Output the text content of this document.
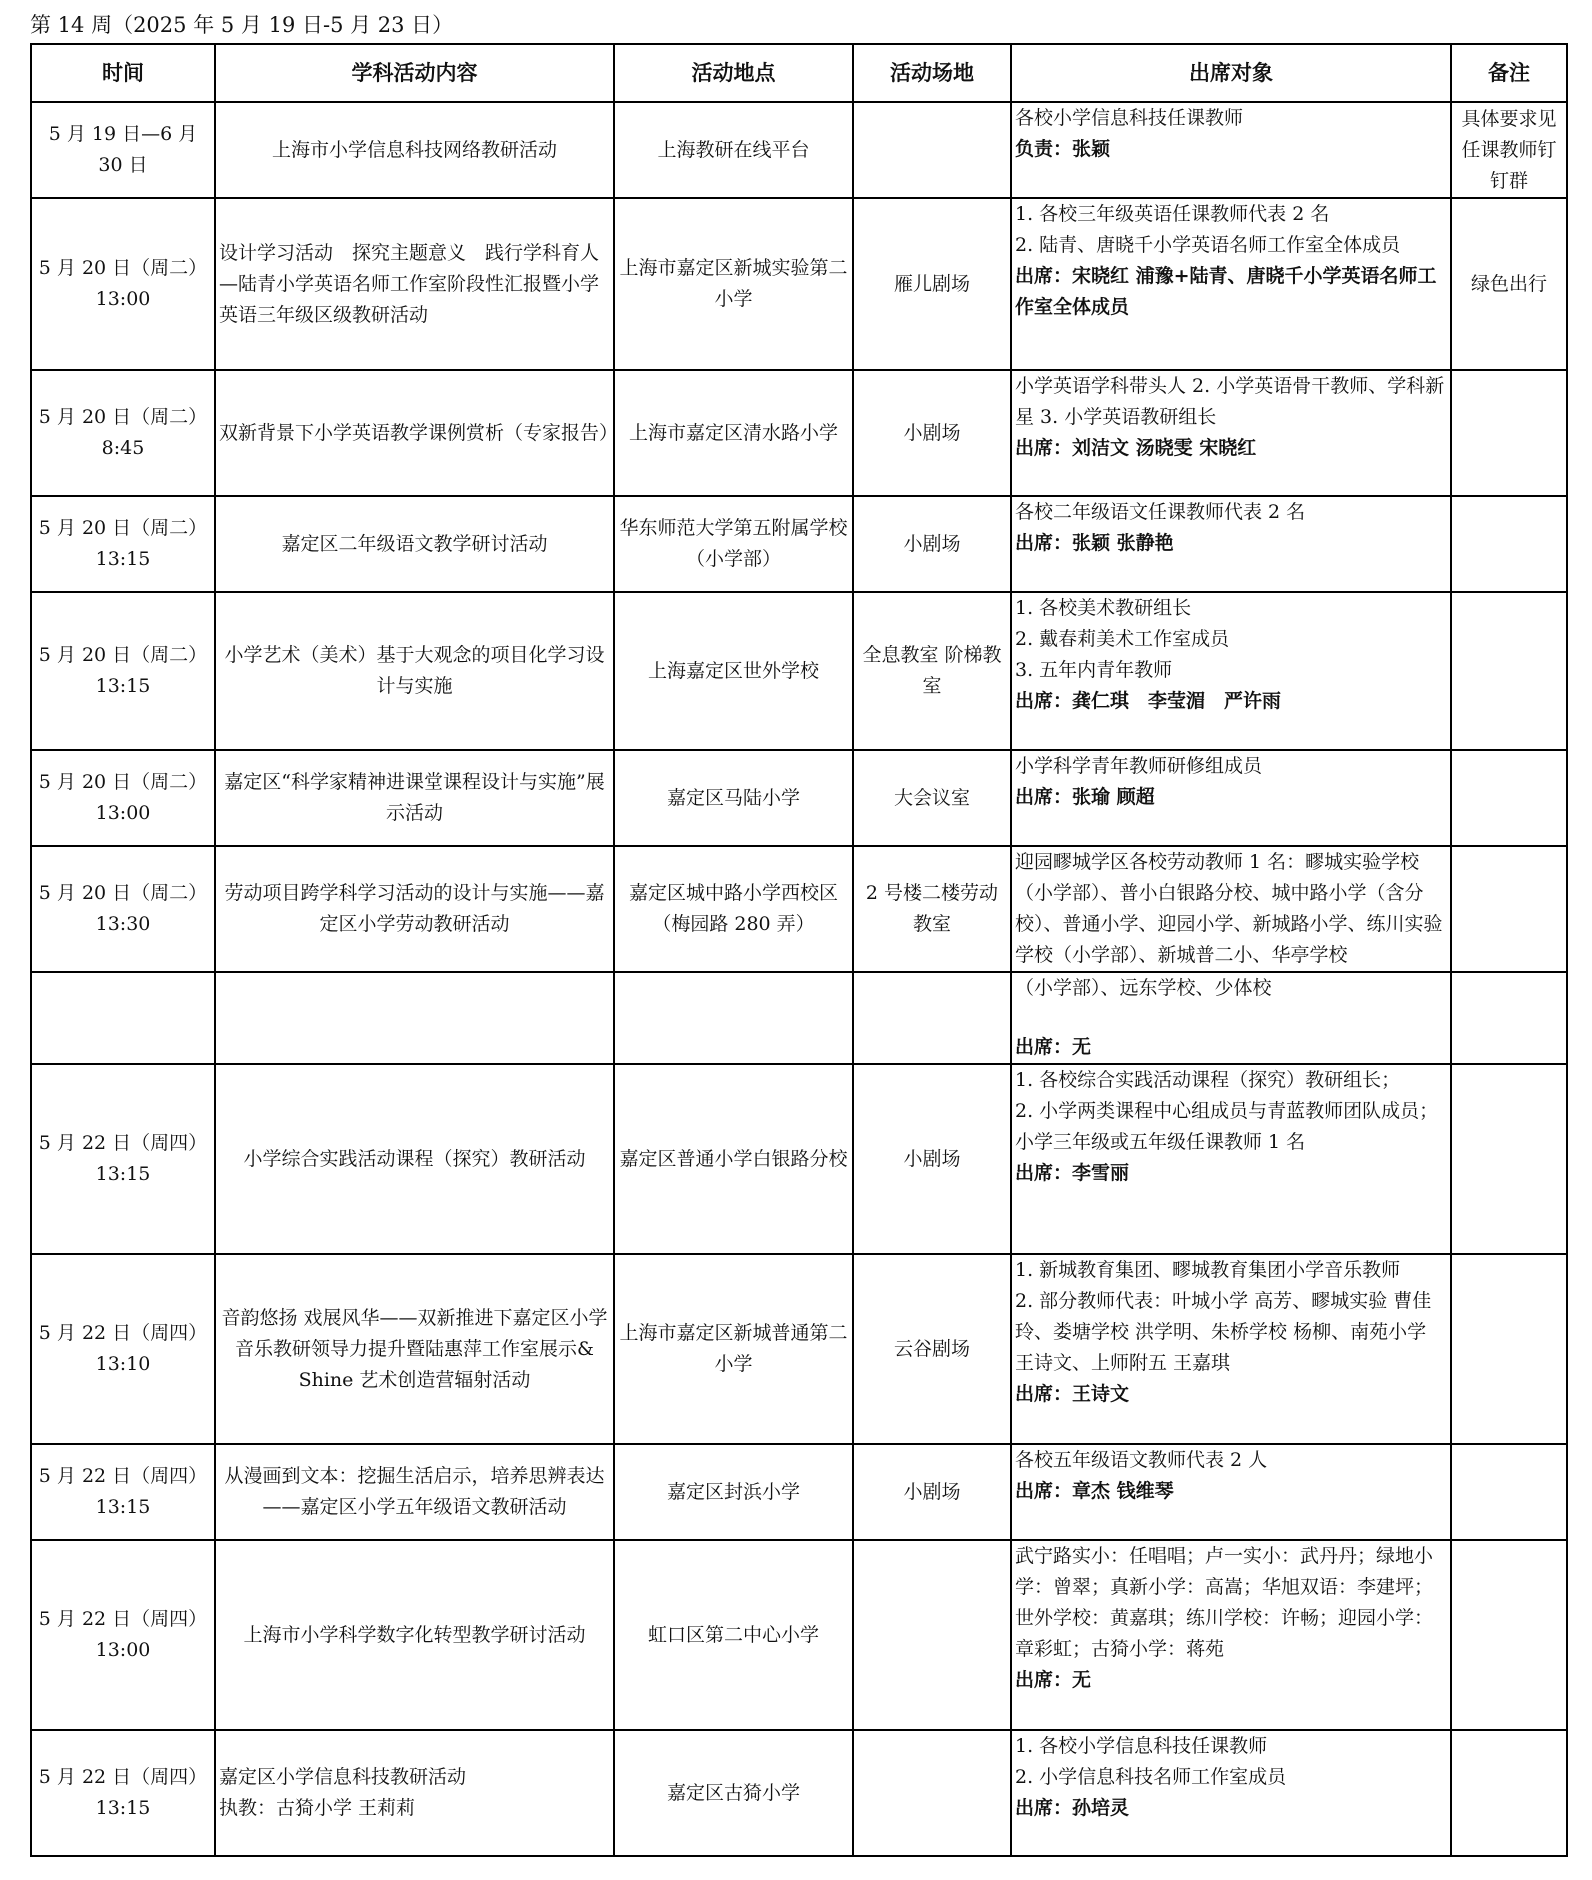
第 14 周（2025 年 5 月 19 日-5 月 23 日）
时间	学科活动内容	活动地点	活动场地	出席对象	备注

5 月 19 日—6 月 30 日	上海市小学信息科技网络教研活动	上海教研在线平台		各校小学信息科技任课教师
负责：张颖	具体要求见任课教师钉钉群

5 月 20 日（周二）
13:00	设计学习活动　探究主题意义　践行学科育人—陆青小学英语名师工作室阶段性汇报暨小学英语三年级区级教研活动	上海市嘉定区新城实验第二小学	雁儿剧场	1. 各校三年级英语任课教师代表 2 名
2. 陆青、唐晓千小学英语名师工作室全体成员
出席：宋晓红 浦豫+陆青、唐晓千小学英语名师工作室全体成员	绿色出行

5 月 20 日（周二）
8:45	双新背景下小学英语教学课例赏析（专家报告）	上海市嘉定区清水路小学	小剧场	小学英语学科带头人 2. 小学英语骨干教师、学科新星 3. 小学英语教研组长
出席：刘洁文 汤晓雯 宋晓红	

5 月 20 日（周二）
13:15	嘉定区二年级语文教学研讨活动	华东师范大学第五附属学校（小学部）	小剧场	各校二年级语文任课教师代表 2 名
出席：张颖 张静艳	

5 月 20 日（周二）
13:15	小学艺术（美术）基于大观念的项目化学习设计与实施	上海嘉定区世外学校	全息教室 阶梯教室	1. 各校美术教研组长
2. 戴春莉美术工作室成员
3. 五年内青年教师
出席：龚仁琪　李莹湄　严许雨	

5 月 20 日（周二）
13:00	嘉定区“科学家精神进课堂课程设计与实施”展示活动	嘉定区马陆小学	大会议室	小学科学青年教师研修组成员
出席：张瑜 顾超	

5 月 20 日（周二）
13:30	劳动项目跨学科学习活动的设计与实施——嘉定区小学劳动教研活动	嘉定区城中路小学西校区（梅园路 280 弄）	2 号楼二楼劳动教室	迎园疁城学区各校劳动教师 1 名：疁城实验学校（小学部）、普小白银路分校、城中路小学（含分校）、普通小学、迎园小学、新城路小学、练川实验学校（小学部）、新城普二小、华亭学校	

				（小学部）、远东学校、少体校
出席：无	

5 月 22 日（周四）
13:15	小学综合实践活动课程（探究）教研活动	嘉定区普通小学白银路分校	小剧场	1. 各校综合实践活动课程（探究）教研组长；
2. 小学两类课程中心组成员与青蓝教师团队成员；
小学三年级或五年级任课教师 1 名
出席：李雪丽	

5 月 22 日（周四）
13:10	音韵悠扬 戏展风华——双新推进下嘉定区小学音乐教研领导力提升暨陆惠萍工作室展示& Shine 艺术创造营辐射活动	上海市嘉定区新城普通第二小学	云谷剧场	1. 新城教育集团、疁城教育集团小学音乐教师
2. 部分教师代表：叶城小学 高芳、疁城实验 曹佳玲、娄塘学校 洪学明、朱桥学校 杨柳、南苑小学 王诗文、上师附五 王嘉琪
出席：王诗文	

5 月 22 日（周四）
13:15	从漫画到文本：挖掘生活启示，培养思辨表达——嘉定区小学五年级语文教研活动	嘉定区封浜小学	小剧场	各校五年级语文教师代表 2 人
出席：章杰 钱维琴	

5 月 22 日（周四）
13:00	上海市小学科学数字化转型教学研讨活动	虹口区第二中心小学		武宁路实小：任唱唱；卢一实小：武丹丹；绿地小学：曾翠；真新小学：高嵩；华旭双语：李建坪；世外学校：黄嘉琪；练川学校：许畅；迎园小学：章彩虹；古猗小学：蒋苑
出席：无	

5 月 22 日（周四）
13:15	嘉定区小学信息科技教研活动
执教：古猗小学 王莉莉	嘉定区古猗小学		1. 各校小学信息科技任课教师
2. 小学信息科技名师工作室成员
出席：孙培灵	
